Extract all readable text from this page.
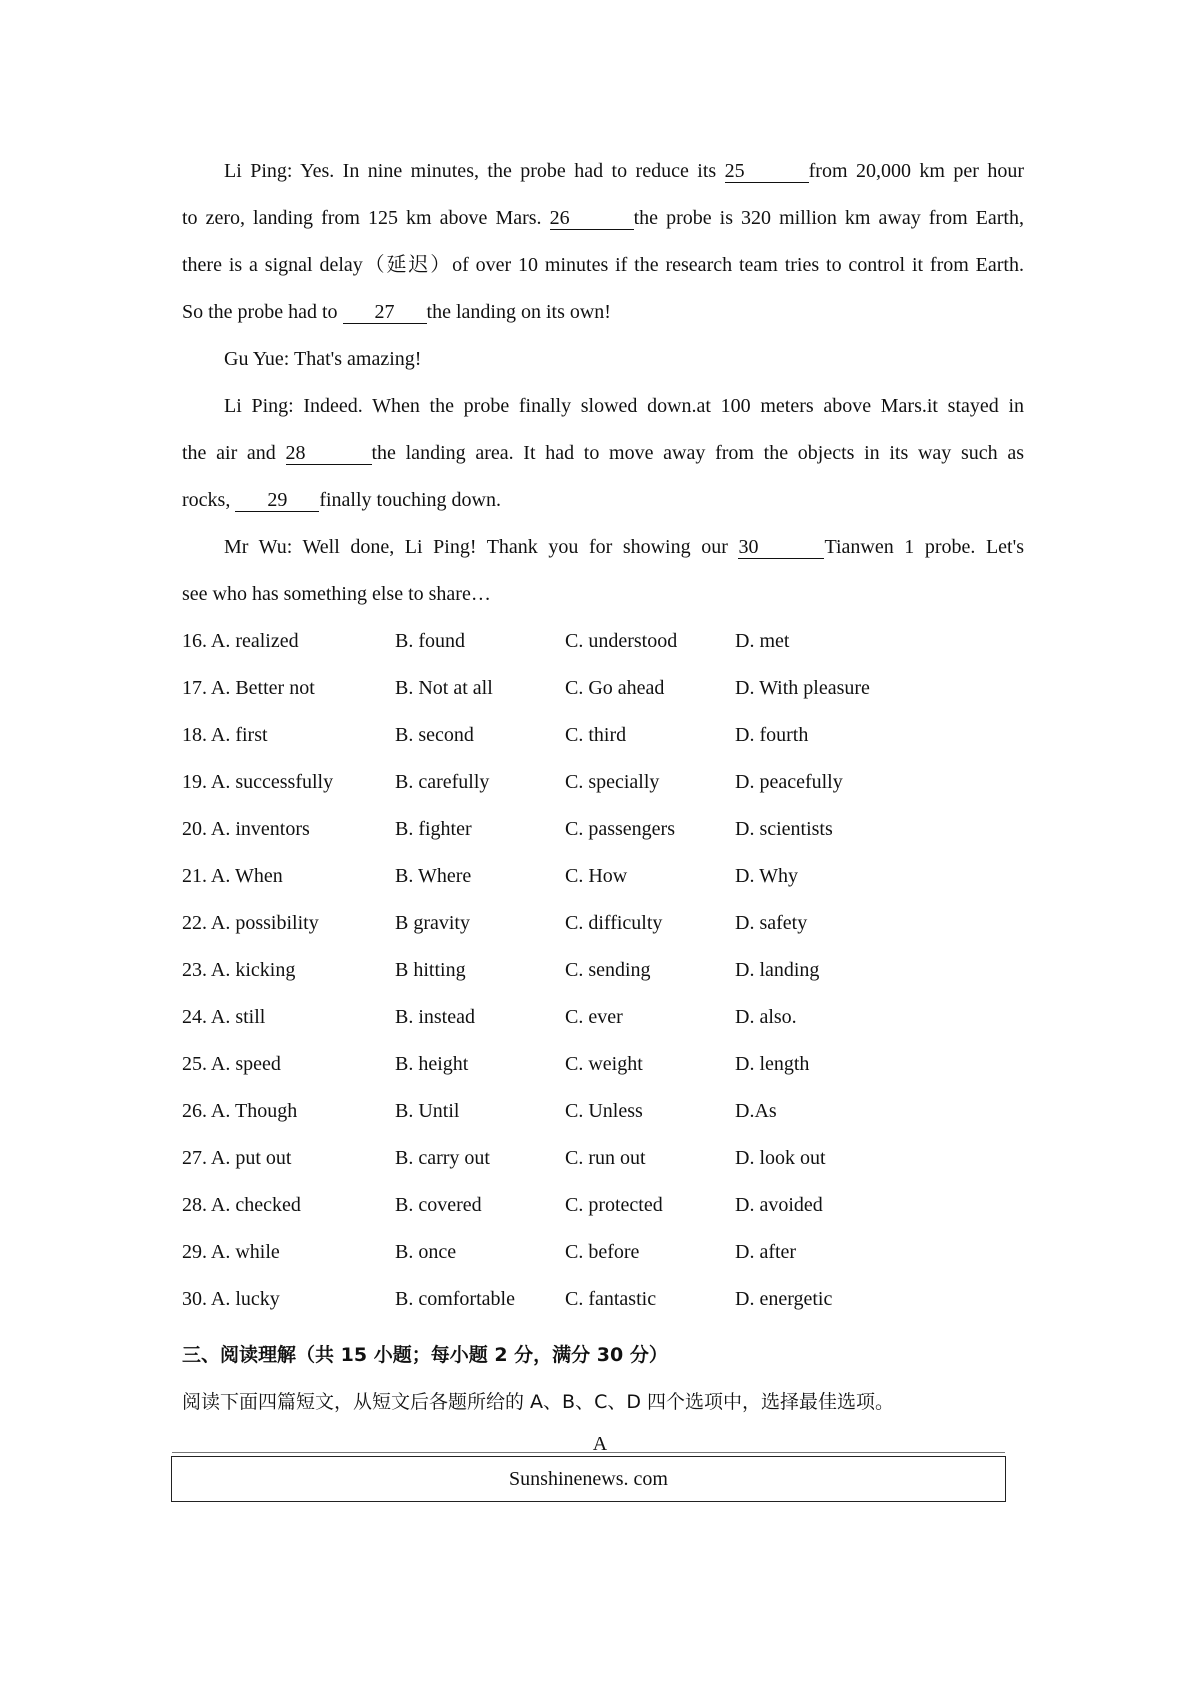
Li Ping: Yes. In nine minutes, the probe had to reduce its 25	from 20,000 km per hour
to zero, landing from 125 km above Mars. 26	the probe is 320 million km away from Earth,
there is a signal delay（延迟）of over 10 minutes if the research team tries to control it from Earth.
So the probe had to 27 the landing on its own!
Gu Yue: That's amazing!
Li Ping: Indeed. When the probe finally slowed down.at 100 meters above Mars.it stayed in
the air and 28	the landing area. It had to move away from the objects in its way such as
rocks, 29 finally touching down.
Mr Wu: Well done, Li Ping! Thank you for showing our 30	Tianwen 1 probe. Let's
see who has something else to share…
16. A. realized	B. found	C. understood	D. met
17. A. Better not	B. Not at all	C. Go ahead	D. With pleasure
18. A. first	B. second	C. third	D. fourth
19. A. successfully	B. carefully	C. specially	D. peacefully
20. A. inventors	B. fighter	C. passengers	D. scientists
21. A. When	B. Where	C. How	D. Why
22. A. possibility	B gravity	C. difficulty	D. safety
23. A. kicking	B hitting	C. sending	D. landing
24. A. still	B. instead	C. ever	D. also.
25. A. speed	B. height	C. weight	D. length
26. A. Though	B. Until	C. Unless	D.As
27. A. put out	B. carry out	C. run out	D. look out
28. A. checked	B. covered	C. protected	D. avoided
29. A. while	B. once	C. before	D. after
30. A. lucky	B. comfortable	C. fantastic	D. energetic
三、阅读理解（共 15 小题；每小题 2 分，满分 30 分）
阅读下面四篇短文，从短文后各题所给的 A、B、C、D 四个选项中，选择最佳选项。
A
Sunshinenews. com
